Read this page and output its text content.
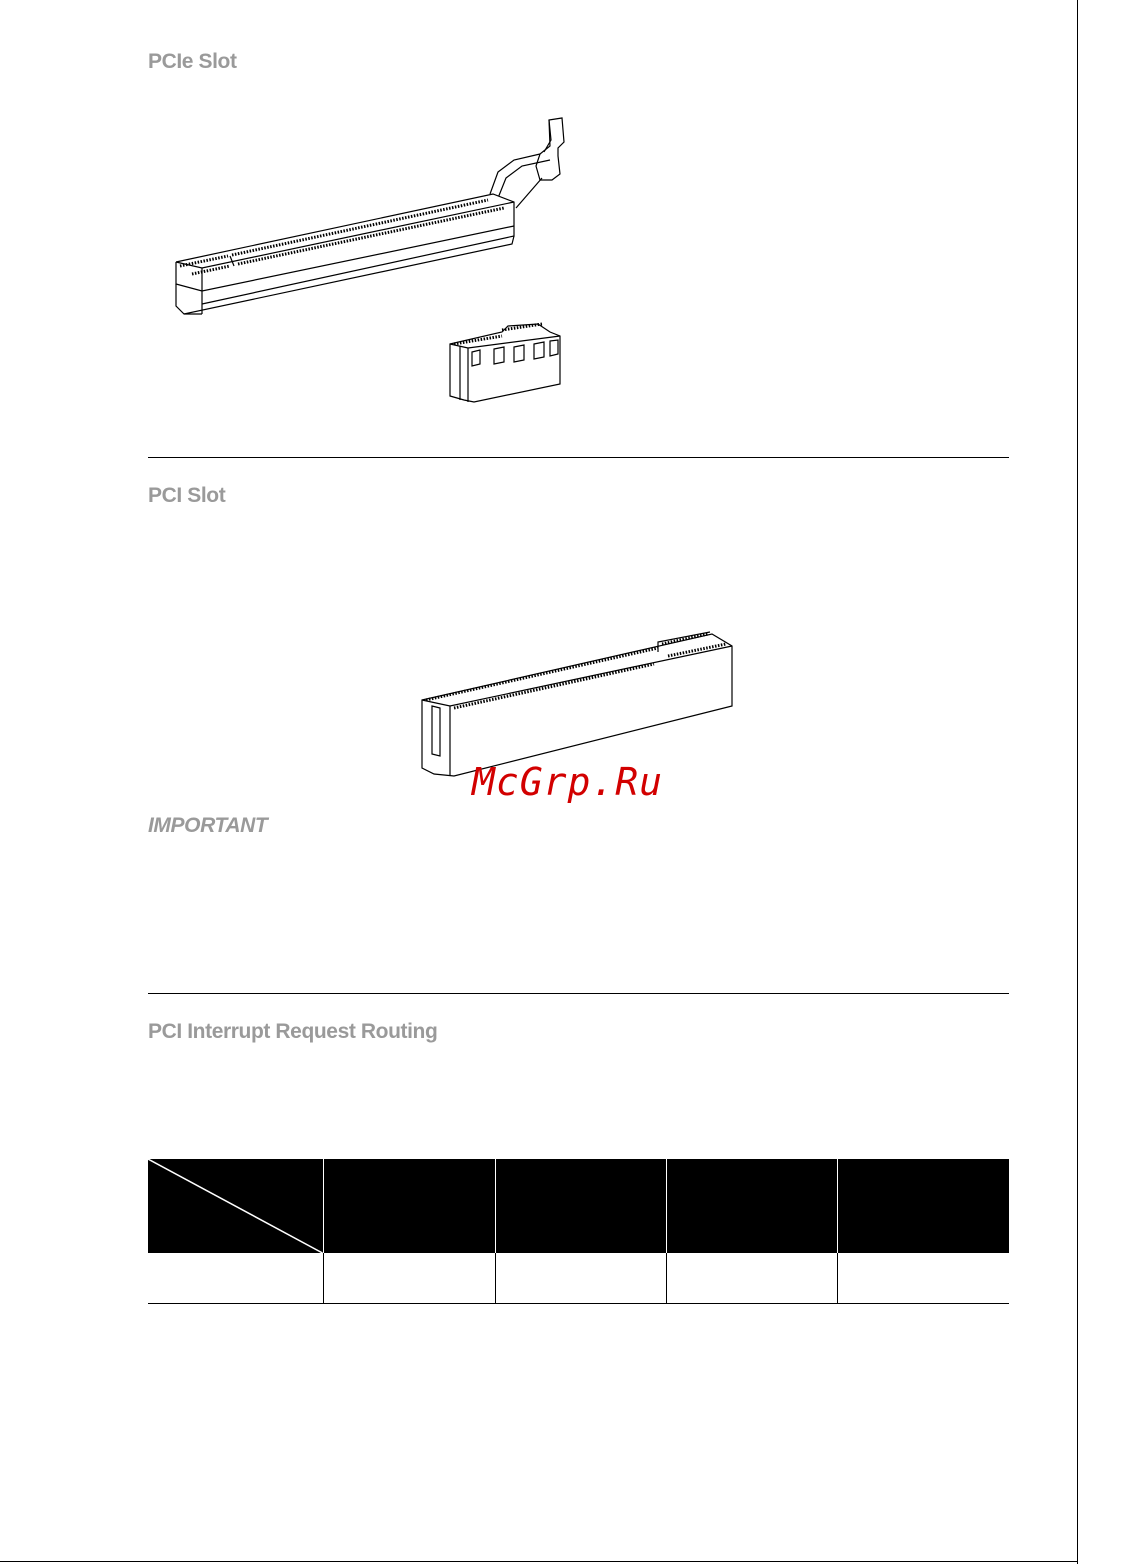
PCIe Slot
PCI Slot

McGrp.Ru

IMPORTANT
PCI Interrupt Request Routing
